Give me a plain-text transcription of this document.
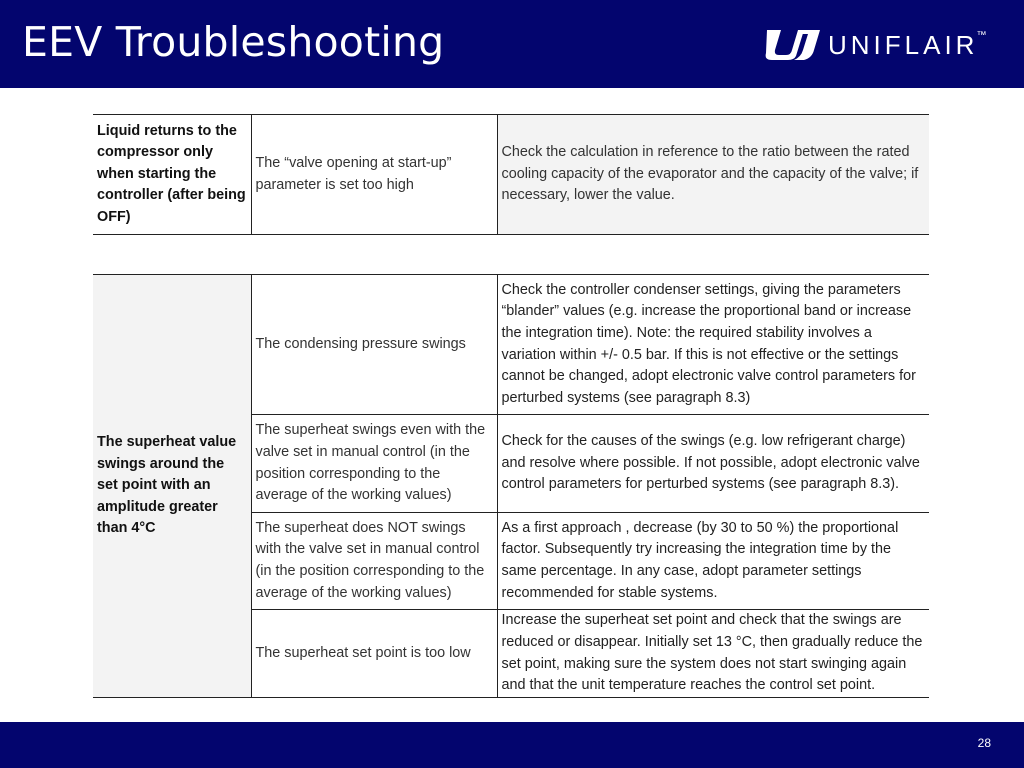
EEV Troubleshooting	UNIFLAIR
™
Liquid returns to the compressor only when starting the controller (after being OFF)	The “valve opening at start-up” parameter is set too high	Check the calculation in reference to the ratio between the rated cooling capacity of the evaporator and the capacity of the valve; if necessary, lower the value.
The superheat value swings around the set point with an amplitude greater than 4°C	The condensing pressure swings	Check the controller condenser settings, giving the parameters “blander” values (e.g. increase the proportional band or increase the integration time). Note: the required stability involves a variation within +/- 0.5 bar. If this is not effective or the settings cannot be changed, adopt electronic valve control parameters for perturbed systems (see paragraph 8.3)
	The superheat swings even with the valve set in manual control (in the position corresponding to the average of the working values)	Check for the causes of the swings (e.g. low refrigerant charge) and resolve where possible. If not possible, adopt electronic valve control parameters for perturbed systems (see paragraph 8.3).
	The superheat does NOT swings with the valve set in manual control (in the position corresponding to the average of the working values)	As a first approach , decrease (by 30 to 50 %) the proportional factor. Subsequently try increasing the integration time by the same percentage. In any case, adopt parameter settings recommended for stable systems.
	The superheat set point is too low	Increase the superheat set point and check that the swings are reduced or disappear. Initially set 13 °C, then gradually reduce the set point, making sure the system does not start swinging again and that the unit temperature reaches the control set point.
28
